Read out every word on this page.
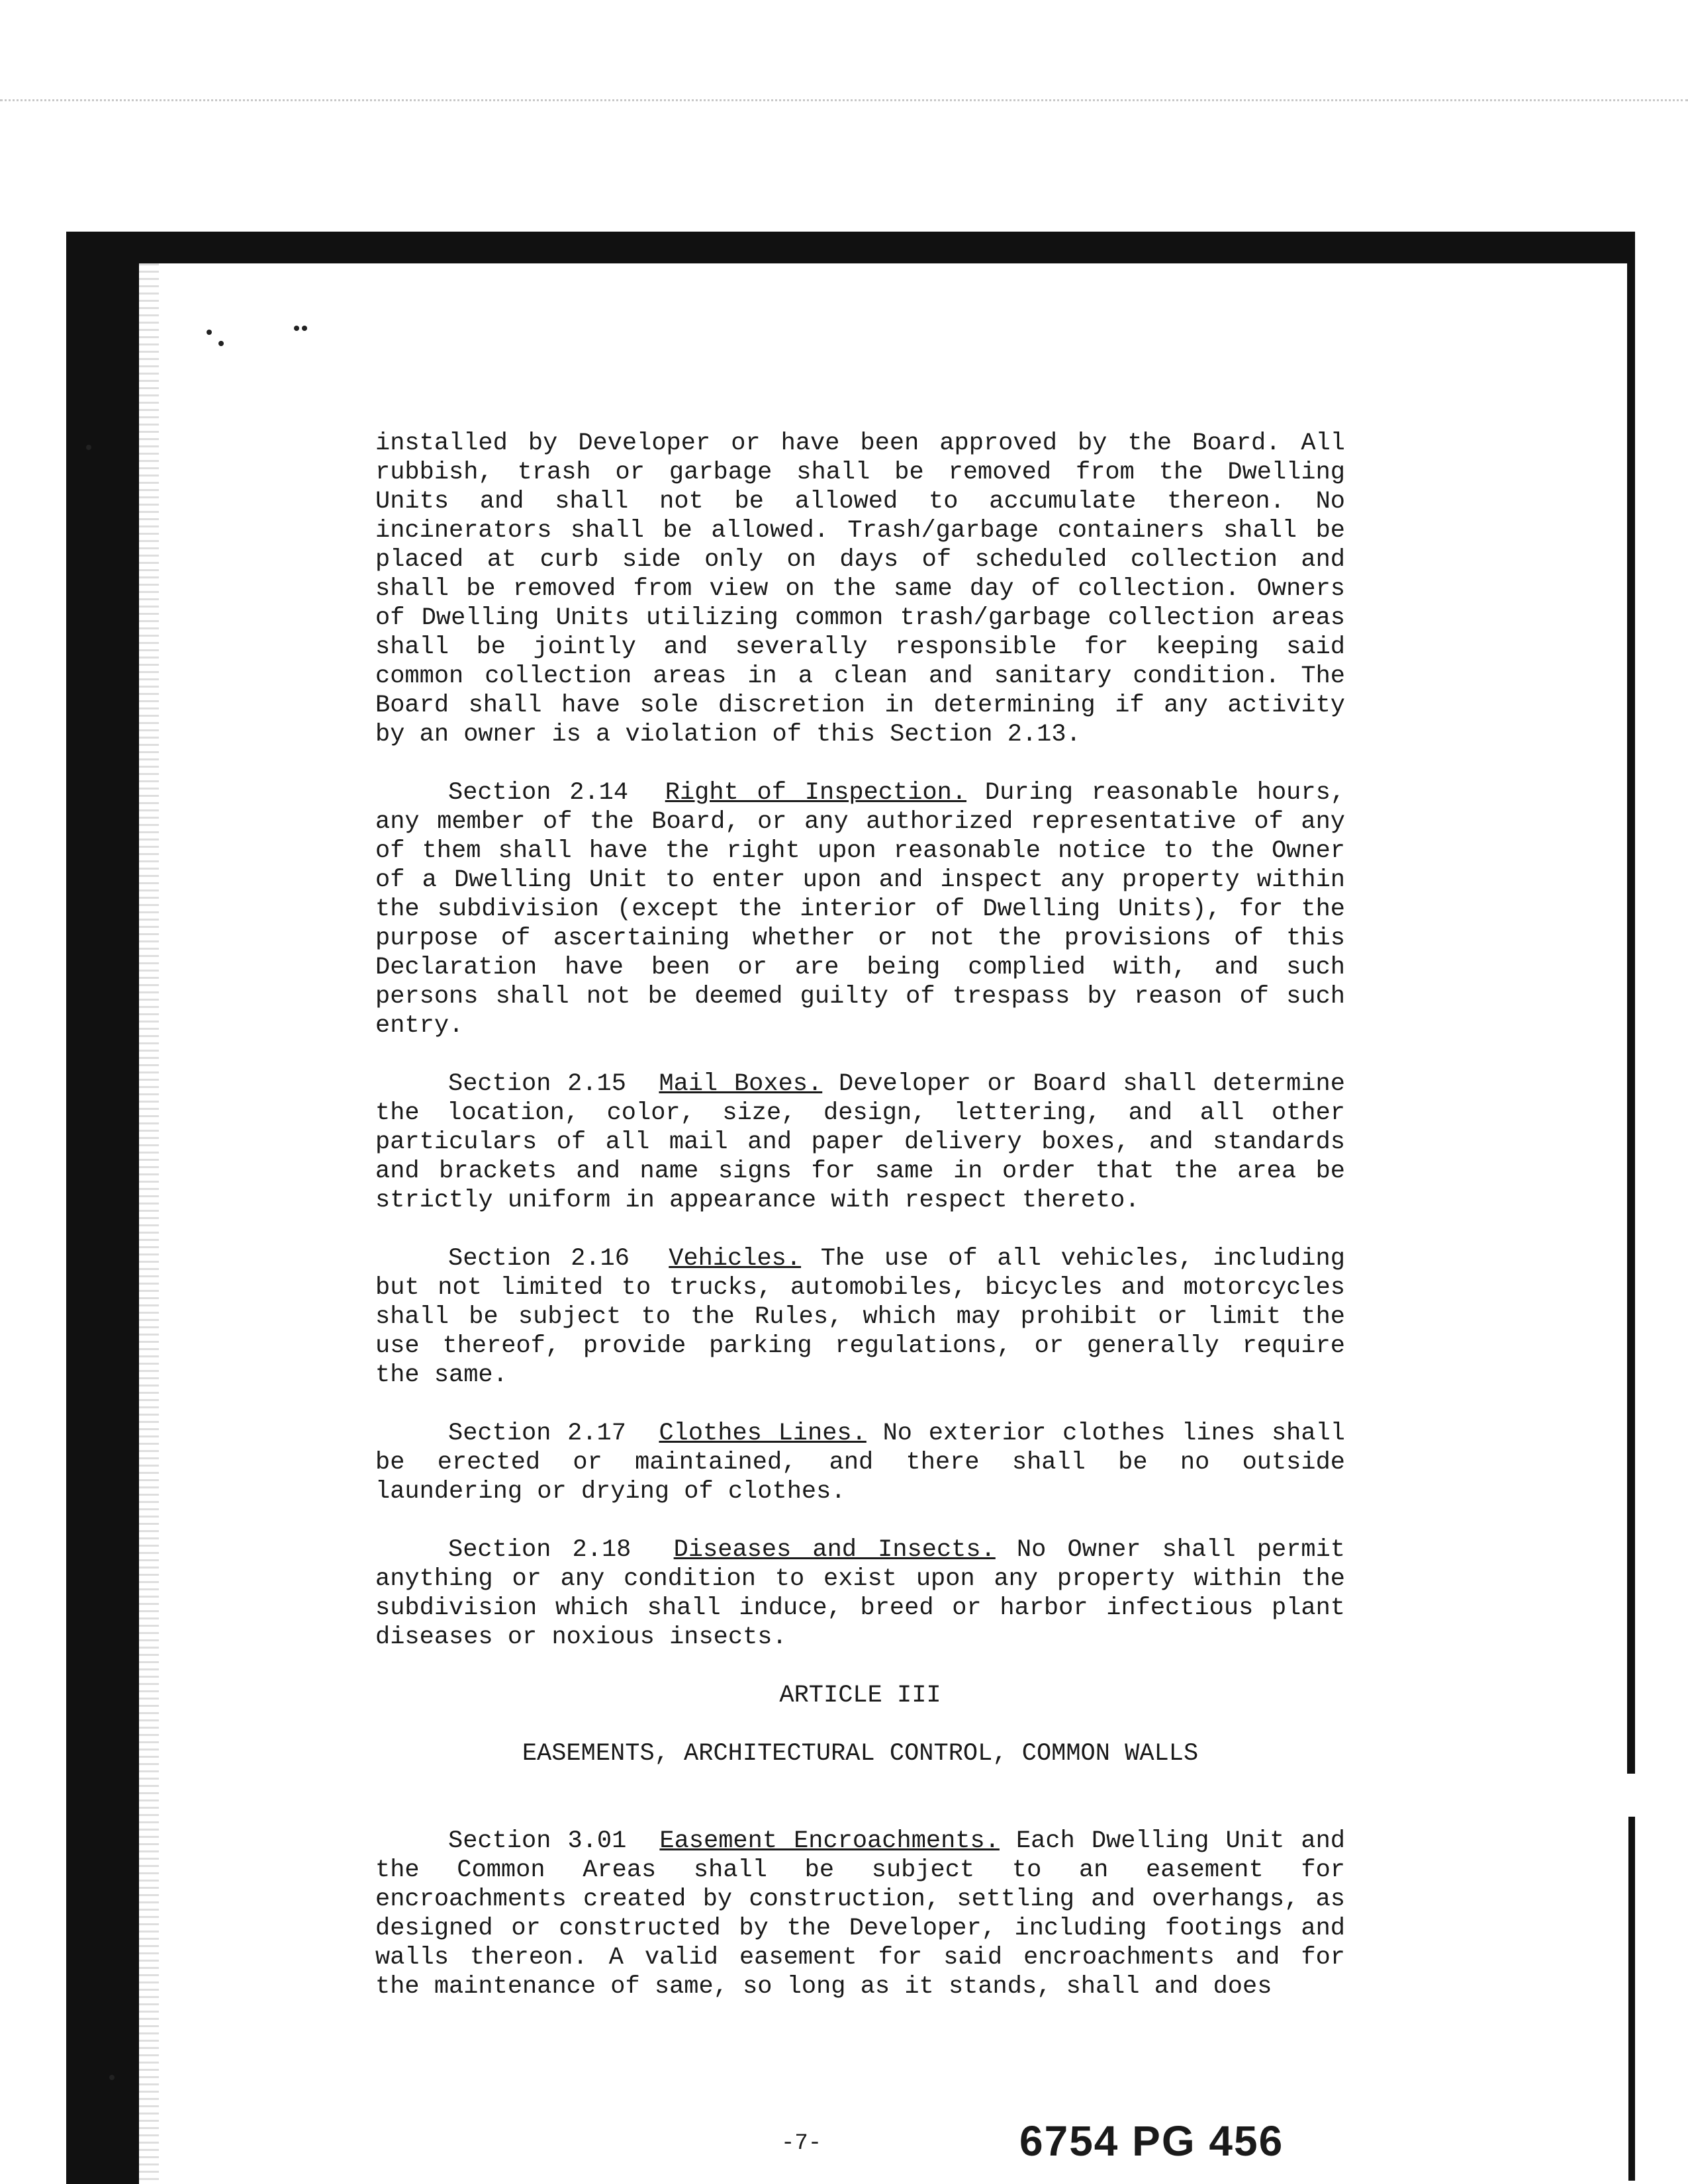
installed by Developer or have been approved by the Board. All rubbish, trash or garbage shall be removed from the Dwelling Units and shall not be allowed to accumulate thereon. No incinerators shall be allowed. Trash/garbage containers shall be placed at curb side only on days of scheduled collection and shall be removed from view on the same day of collection. Owners of Dwelling Units utilizing common trash/garbage collection areas shall be jointly and severally responsible for keeping said common collection areas in a clean and sanitary condition. The Board shall have sole discretion in determining if any activity by an owner is a violation of this Section 2.13.

Section 2.14 Right of Inspection. During reasonable hours, any member of the Board, or any authorized representative of any of them shall have the right upon reasonable notice to the Owner of a Dwelling Unit to enter upon and inspect any property within the subdivision (except the interior of Dwelling Units), for the purpose of ascertaining whether or not the provisions of this Declaration have been or are being complied with, and such persons shall not be deemed guilty of trespass by reason of such entry.

Section 2.15 Mail Boxes. Developer or Board shall determine the location, color, size, design, lettering, and all other particulars of all mail and paper delivery boxes, and standards and brackets and name signs for same in order that the area be strictly uniform in appearance with respect thereto.

Section 2.16 Vehicles. The use of all vehicles, including but not limited to trucks, automobiles, bicycles and motorcycles shall be subject to the Rules, which may prohibit or limit the use thereof, provide parking regulations, or generally require the same.

Section 2.17 Clothes Lines. No exterior clothes lines shall be erected or maintained, and there shall be no outside laundering or drying of clothes.

Section 2.18 Diseases and Insects. No Owner shall permit anything or any condition to exist upon any property within the subdivision which shall induce, breed or harbor infectious plant diseases or noxious insects.

ARTICLE III

EASEMENTS, ARCHITECTURAL CONTROL, COMMON WALLS

Section 3.01 Easement Encroachments. Each Dwelling Unit and the Common Areas shall be subject to an easement for encroachments created by construction, settling and overhangs, as designed or constructed by the Developer, including footings and walls thereon. A valid easement for said encroachments and for the maintenance of same, so long as it stands, shall and does

-7-	6754 PG 456
